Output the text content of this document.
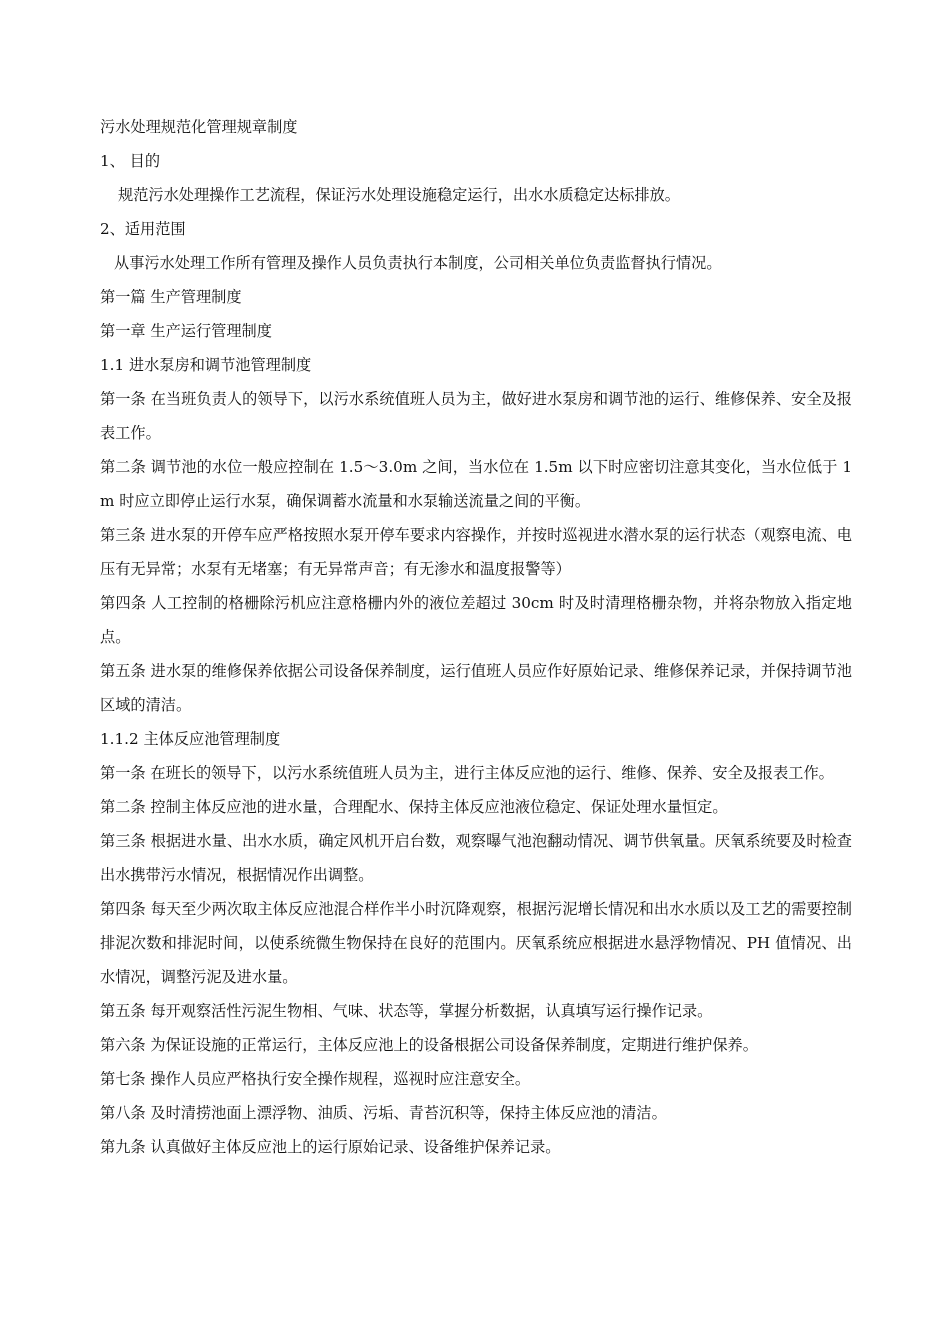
污水处理规范化管理规章制度

1、 目的

规范污水处理操作工艺流程，保证污水处理设施稳定运行，出水水质稳定达标排放。

2、适用范围

从事污水处理工作所有管理及操作人员负责执行本制度，公司相关单位负责监督执行情况。

第一篇 生产管理制度

第一章 生产运行管理制度

1.1 进水泵房和调节池管理制度

第一条 在当班负责人的领导下，以污水系统值班人员为主，做好进水泵房和调节池的运行、维修保养、安全及报表工作。

第二条 调节池的水位一般应控制在 1.5～3.0m 之间，当水位在 1.5m 以下时应密切注意其变化，当水位低于 1m 时应立即停止运行水泵，确保调蓄水流量和水泵输送流量之间的平衡。

第三条 进水泵的开停车应严格按照水泵开停车要求内容操作，并按时巡视进水潜水泵的运行状态（观察电流、电压有无异常；水泵有无堵塞；有无异常声音；有无渗水和温度报警等）

第四条 人工控制的格栅除污机应注意格栅内外的液位差超过 30cm 时及时清理格栅杂物，并将杂物放入指定地点。

第五条 进水泵的维修保养依据公司设备保养制度，运行值班人员应作好原始记录、维修保养记录，并保持调节池区域的清洁。

1.1.2 主体反应池管理制度

第一条 在班长的领导下，以污水系统值班人员为主，进行主体反应池的运行、维修、保养、安全及报表工作。

第二条 控制主体反应池的进水量，合理配水、保持主体反应池液位稳定、保证处理水量恒定。

第三条 根据进水量、出水水质，确定风机开启台数，观察曝气池泡翻动情况、调节供氧量。厌氧系统要及时检查出水携带污水情况，根据情况作出调整。

第四条 每天至少两次取主体反应池混合样作半小时沉降观察，根据污泥增长情况和出水水质以及工艺的需要控制排泥次数和排泥时间，以使系统微生物保持在良好的范围内。厌氧系统应根据进水悬浮物情况、PH 值情况、出水情况，调整污泥及进水量。

第五条 每开观察活性污泥生物相、气味、状态等，掌握分析数据，认真填写运行操作记录。

第六条 为保证设施的正常运行，主体反应池上的设备根据公司设备保养制度，定期进行维护保养。

第七条 操作人员应严格执行安全操作规程，巡视时应注意安全。

第八条 及时清捞池面上漂浮物、油质、污垢、青苔沉积等，保持主体反应池的清洁。

第九条 认真做好主体反应池上的运行原始记录、设备维护保养记录。
